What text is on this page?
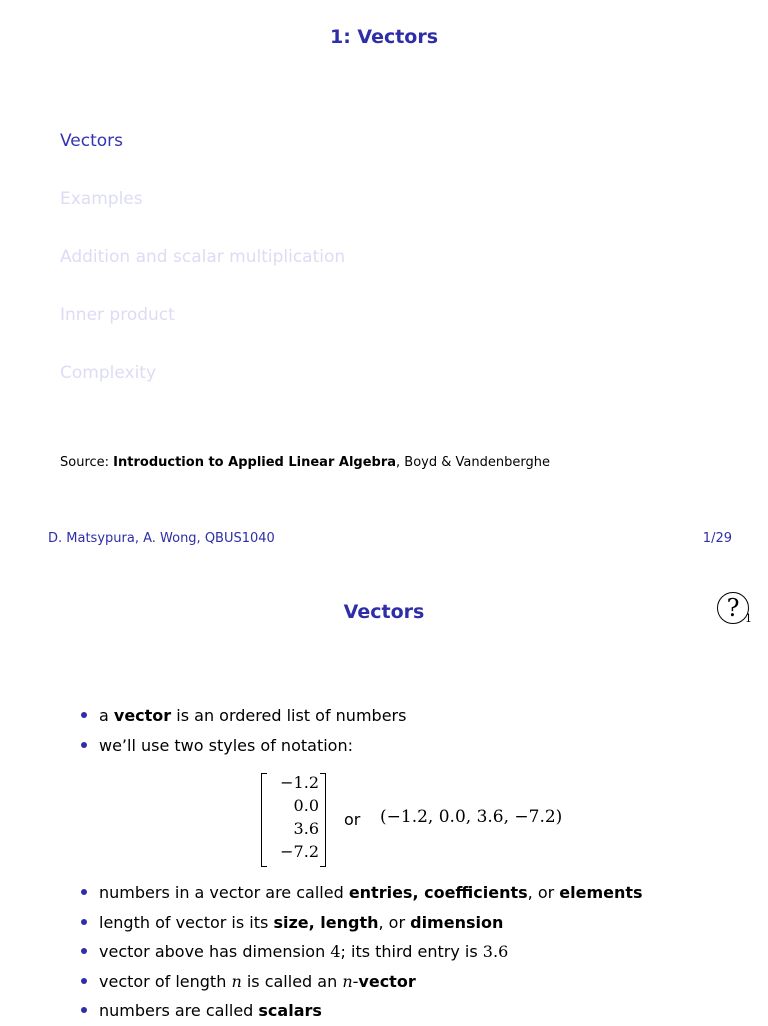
1: Vectors
Vectors
Examples
Addition and scalar multiplication
Inner product
Complexity
Source: Introduction to Applied Linear Algebra, Boyd & Vandenberghe
D. Matsypura, A. Wong, QBUS1040	1/29
Vectors	? 1
a vector is an ordered list of numbers
we’ll use two styles of notation:
−1.2
0.0
3.6
−7.2
or (−1.2, 0.0, 3.6, −7.2)
numbers in a vector are called entries, coefficients, or elements
length of vector is its size, length, or dimension
vector above has dimension 4; its third entry is 3.6
vector of length n is called an n-vector
numbers are called scalars
